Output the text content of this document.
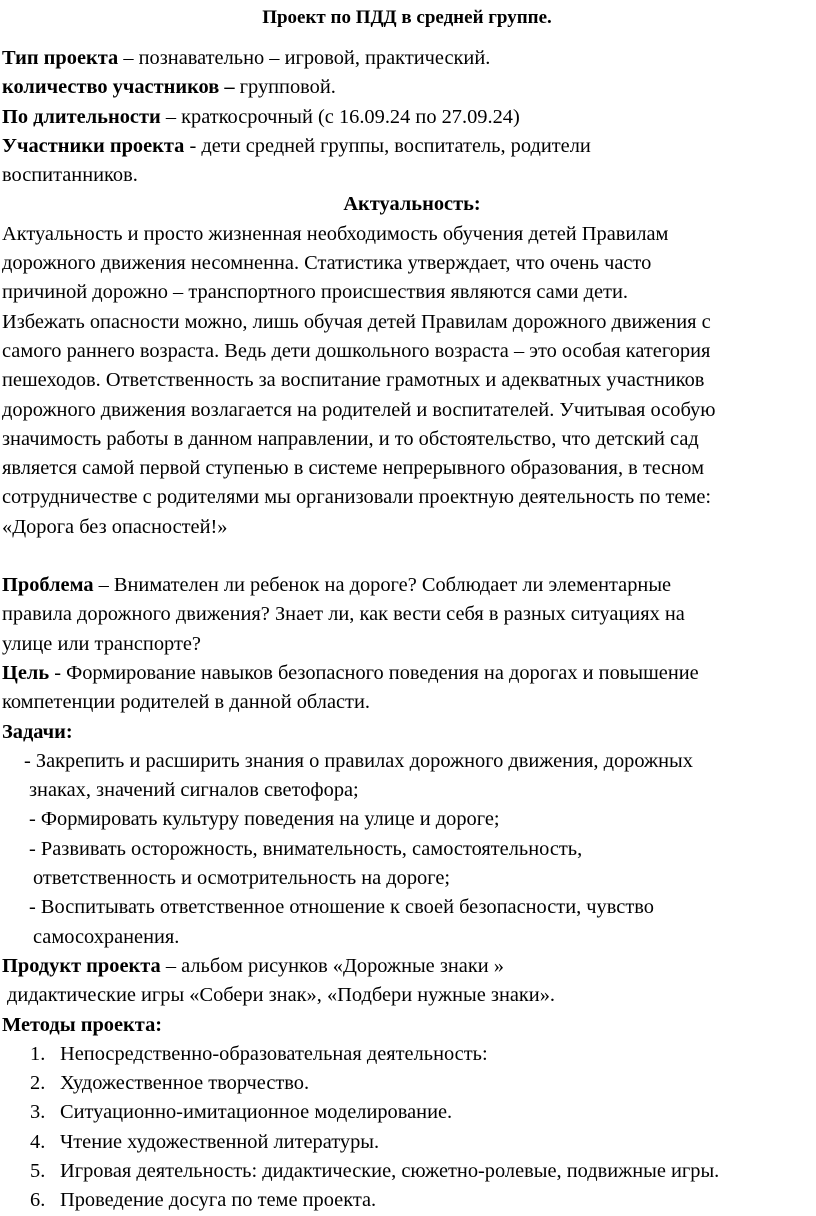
Проект по ПДД в средней группе.

Тип проекта – познавательно – игровой, практический.

количество участников – групповой.

По длительности – краткосрочный (с 16.09.24 по 27.09.24)

Участники проекта - дети средней группы, воспитатель, родители

воспитанников.

Актуальность:

Актуальность и просто жизненная необходимость обучения детей Правилам
дорожного движения несомненна. Статистика утверждает, что очень часто
причиной дорожно – транспортного происшествия являются сами дети.
Избежать опасности можно, лишь обучая детей Правилам дорожного движения с
самого раннего возраста. Ведь дети дошкольного возраста – это особая категория
пешеходов. Ответственность за воспитание грамотных и адекватных участников
дорожного движения возлагается на родителей и воспитателей. Учитывая особую
значимость работы в данном направлении, и то обстоятельство, что детский сад
является самой первой ступенью в системе непрерывного образования, в тесном
сотрудничестве с родителями мы организовали проектную деятельность по теме:
«Дорога без опасностей!»
Проблема – Внимателен ли ребенок на дороге? Соблюдает ли элементарные
правила дорожного движения? Знает ли, как вести себя в разных ситуациях на
улице или транспорте?
Цель - Формирование навыков безопасного поведения на дорогах и повышение
компетенции родителей в данной области.

Задачи:

- Закрепить и расширить знания о правилах дорожного движения, дорожных
знаках, значений сигналов светофора;
- Формировать культуру поведения на улице и дороге;
- Развивать осторожность, внимательность, самостоятельность,
ответственность и осмотрительность на дороге;
- Воспитывать ответственное отношение к своей безопасности, чувство
самосохранения.

Продукт проекта – альбом рисунков «Дорожные знаки »

дидактические игры «Собери знак», «Подбери нужные знаки».

Методы проекта:

1. Непосредственно-образовательная деятельность:
2. Художественное творчество.
3. Ситуационно-имитационное моделирование.
4. Чтение художественной литературы.
5. Игровая деятельность: дидактические, сюжетно-ролевые, подвижные игры.
6. Проведение досуга по теме проекта.
